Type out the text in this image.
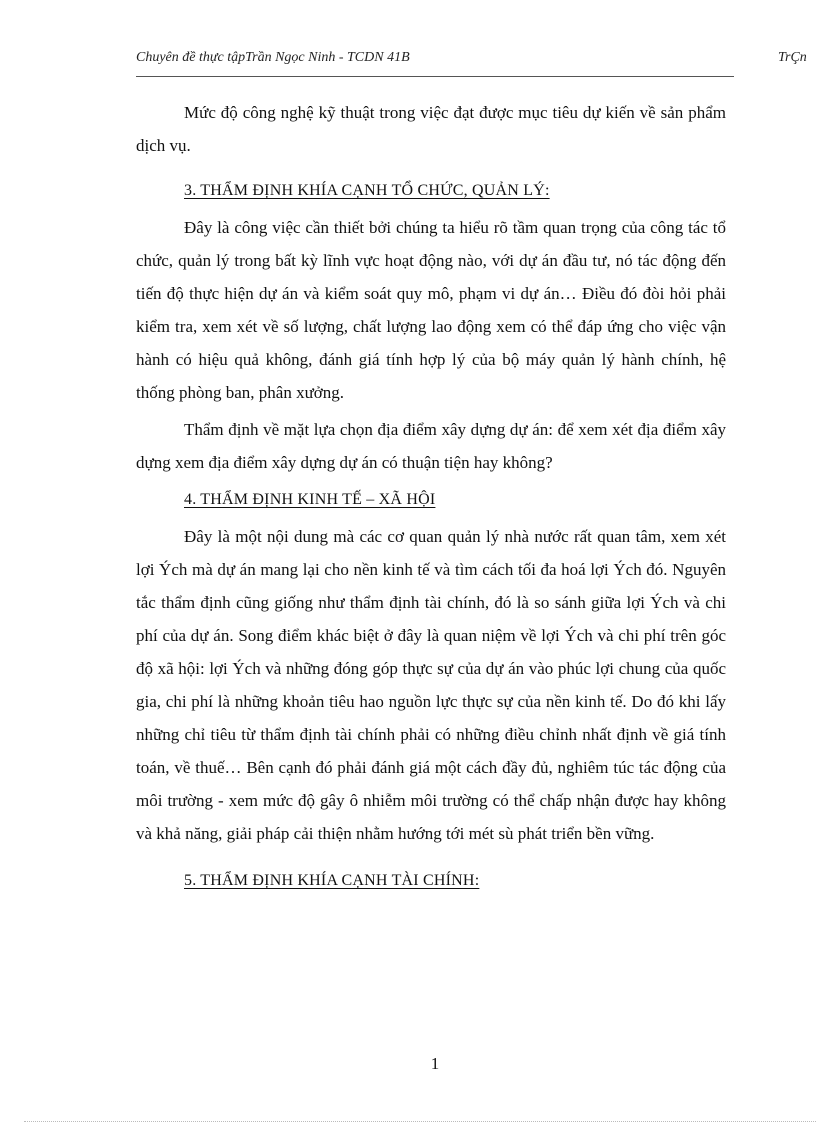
Chuyên đề thực tậpTrần Ngọc Ninh - TCDN 41B	TrÇn

Mức độ công nghệ kỹ thuật trong việc đạt được mục tiêu dự kiến về sản phẩm dịch vụ.

3. THẨM ĐỊNH KHÍA CẠNH TỔ CHỨC, QUẢN LÝ:

Đây là công việc cần thiết bởi chúng ta hiểu rõ tầm quan trọng của công tác tổ chức, quản lý trong bất kỳ lĩnh vực hoạt động nào, với dự án đầu tư, nó tác động đến tiến độ thực hiện dự án và kiểm soát quy mô, phạm vi dự án… Điều đó đòi hỏi phải kiểm tra, xem xét về số lượng, chất lượng lao động xem có thể đáp ứng cho việc vận hành có hiệu quả không, đánh giá tính hợp lý của bộ máy quản lý hành chính, hệ thống phòng ban, phân xưởng.

Thẩm định về mặt lựa chọn địa điểm xây dựng dự án: để xem xét địa điểm xây dựng xem địa điểm xây dựng dự án có thuận tiện hay không?

4. THẨM ĐỊNH KINH TẾ – XÃ HỘI

Đây là một nội dung mà các cơ quan quản lý nhà nước rất quan tâm, xem xét lợi Ých mà dự án mang lại cho nền kinh tế và tìm cách tối đa hoá lợi Ých đó. Nguyên tắc thẩm định cũng giống như thẩm định tài chính, đó là so sánh giữa lợi Ých và chi phí của dự án. Song điểm khác biệt ở đây là quan niệm về lợi Ých và chi phí trên góc độ xã hội: lợi Ých và những đóng góp thực sự của dự án vào phúc lợi chung của quốc gia, chi phí là những khoản tiêu hao nguồn lực thực sự của nền kinh tế. Do đó khi lấy những chỉ tiêu từ thẩm định tài chính phải có những điều chỉnh nhất định về giá tính toán, về thuế… Bên cạnh đó phải đánh giá một cách đầy đủ, nghiêm túc tác động của môi trường - xem mức độ gây ô nhiễm môi trường có thể chấp nhận được hay không và khả năng, giải pháp cải thiện nhằm hướng tới mét sù phát triển bền vững.

5. THẨM ĐỊNH KHÍA CẠNH TÀI CHÍNH:
1
